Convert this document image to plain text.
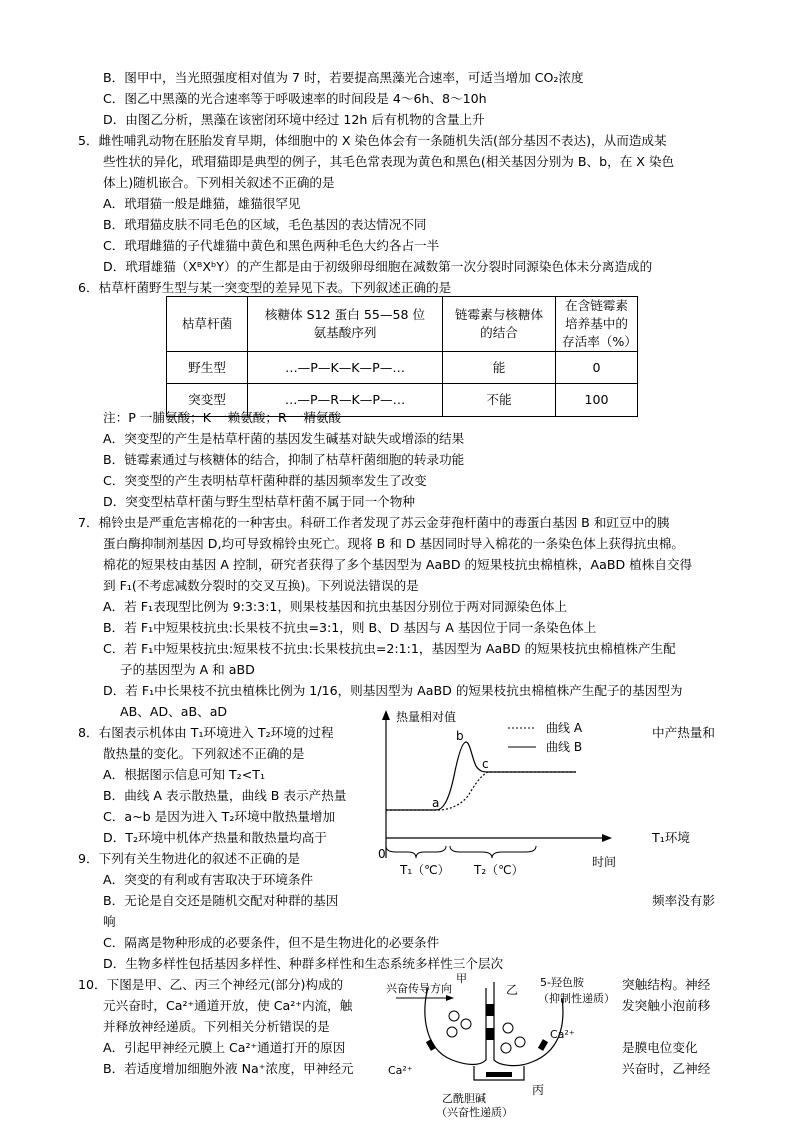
B．图甲中，当光照强度相对值为 7 时，若要提高黑藻光合速率，可适当增加 CO₂浓度
C．图乙中黑藻的光合速率等于呼吸速率的时间段是 4～6h、8～10h
D．由图乙分析，黑藻在该密闭环境中经过 12h 后有机物的含量上升
5．雌性哺乳动物在胚胎发育早期，体细胞中的 X 染色体会有一条随机失活(部分基因不表达)，从而造成某
些性状的异化，玳瑁猫即是典型的例子，其毛色常表现为黄色和黑色(相关基因分别为 B、b，在 X 染色
体上)随机嵌合。下列相关叙述不正确的是
A．玳瑁猫一般是雌猫，雄猫很罕见
B．玳瑁猫皮肤不同毛色的区域，毛色基因的表达情况不同
C．玳瑁雌猫的子代雄猫中黄色和黑色两种毛色大约各占一半
D．玳瑁雄猫（XᴮXᵇY）的产生都是由于初级卵母细胞在减数第一次分裂时同源染色体未分离造成的
6．枯草杆菌野生型与某一突变型的差异见下表。下列叙述正确的是
注：P 一脯氨酸；K 一赖氨酸；R 一精氨酸
A．突变型的产生是枯草杆菌的基因发生碱基对缺失或增添的结果
B．链霉素通过与核糖体的结合，抑制了枯草杆菌细胞的转录功能
C．突变型的产生表明枯草杆菌种群的基因频率发生了改变
D．突变型枯草杆菌与野生型枯草杆菌不属于同一个物种
7．棉铃虫是严重危害棉花的一种害虫。科研工作者发现了苏云金芽孢杆菌中的毒蛋白基因 B 和豇豆中的胰
蛋白酶抑制剂基因 D,均可导致棉铃虫死亡。现将 B 和 D 基因同时导入棉花的一条染色体上获得抗虫棉。
棉花的短果枝由基因 A 控制，研究者获得了多个基因型为 AaBD 的短果枝抗虫棉植株，AaBD 植株自交得
到 F₁(不考虑减数分裂时的交叉互换)。下列说法错误的是
A．若 F₁表现型比例为 9:3:3:1，则果枝基因和抗虫基因分别位于两对同源染色体上
B．若 F₁中短果枝抗虫:长果枝不抗虫=3:1，则 B、D 基因与 A 基因位于同一条染色体上
C．若 F₁中短果枝抗虫:短果枝不抗虫:长果枝抗虫=2:1:1，基因型为 AaBD 的短果枝抗虫棉植株产生配
子的基因型为 A 和 aBD
D．若 F₁中长果枝不抗虫植株比例为 1/16，则基因型为 AaBD 的短果枝抗虫棉植株产生配子的基因型为
AB、AD、aB、aD
8．右图表示机体由 T₁环境进入 T₂环境的过程	中产热量和
散热量的变化。下列叙述不正确的是
A．根据图示信息可知 T₂<T₁
B．曲线 A 表示散热量，曲线 B 表示产热量
C．a~b 是因为进入 T₂环境中散热量增加
D．T₂环境中机体产热量和散热量均高于	T₁环境
9．下列有关生物进化的叙述不正确的是
A．突变的有利或有害取决于环境条件
B．无论是自交还是随机交配对种群的基因	频率没有影
响
C．隔离是物种形成的必要条件，但不是生物进化的必要条件
D．生物多样性包括基因多样性、种群多样性和生态系统多样性三个层次
10．下图是甲、乙、丙三个神经元(部分)构成的	突触结构。神经
元兴奋时，Ca²⁺通道开放，使 Ca²⁺内流，触	发突触小泡前移
并释放神经递质。下列相关分析错误的是
A．引起甲神经元膜上 Ca²⁺通道打开的原因	是膜电位变化
B．若适度增加细胞外液 Na⁺浓度，甲神经元	兴奋时，乙神经
枯草杆菌	核糖体 S12 蛋白 55—58 位氨基酸序列	链霉素与核糖体的结合	在含链霉素培养基中的存活率（%）
野生型	…—P—K—K—P—…	能	0
突变型	…—P—R—K—P—…	不能	100
热量相对值
0
时间
曲线 A
曲线 B
a
b
c
T₁（℃） T₂（℃）
兴奋传导方向
甲
乙
5-羟色胺
（抑制性递质）
Ca²⁺
Ca²⁺
丙
乙酰胆碱
（兴奋性递质）
